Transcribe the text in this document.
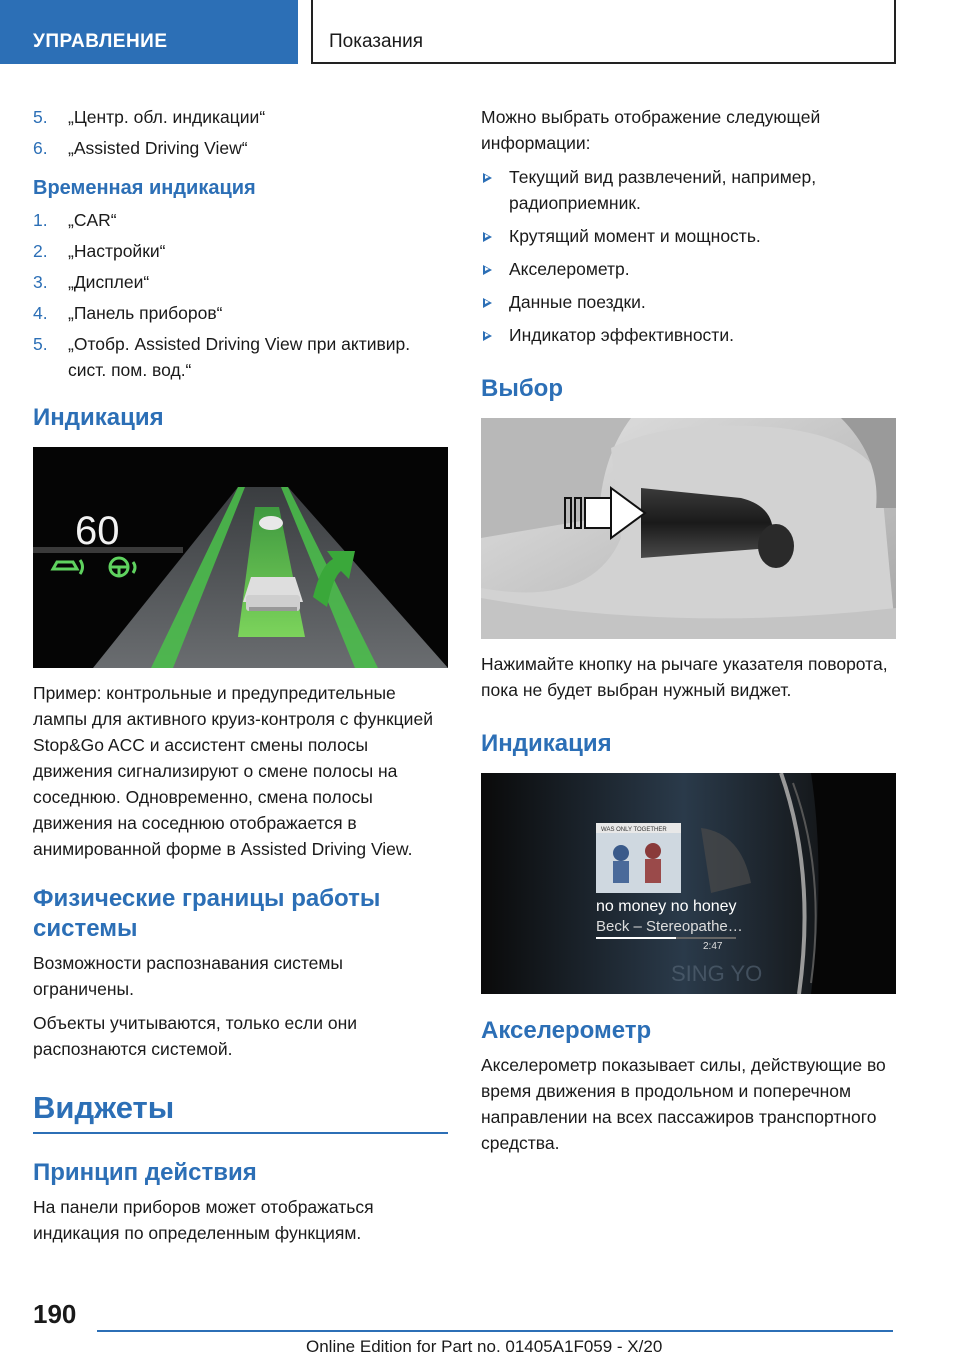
УПРАВЛЕНИЕ	Показания
5. „Центр. обл. индикации“
6. „Assisted Driving View“
Временная индикация
1. „CAR“
2. „Настройки“
3. „Дисплеи“
4. „Панель приборов“
5. „Отобр. Assisted Driving View при активир. сист. пом. вод.“
Индикация
60

Пример: контрольные и предупредительные лампы для активного круиз-контроля с функцией Stop&Go ACC и ассистент смены полосы движения сигнализируют о смене полосы на соседнюю. Одновременно, смена полосы движения на соседнюю отображается в анимированной форме в Assisted Driving View.

Физические границы работы системы

Возможности распознавания системы ограничены.

Объекты учитываются, только если они распознаются системой.

Виджеты
Принцип действия

На панели приборов может отображаться индикация по определенным функциям.

Можно выбрать отображение следующей информации:

Текущий вид развлечений, например, радиоприемник.
Крутящий момент и мощность.
Акселерометр.
Данные поездки.
Индикатор эффективности.
Выбор

Нажимайте кнопку на рычаге указателя поворота, пока не будет выбран нужный виджет.

Индикация
WAS ONLY TOGETHER
no money no honey
Beck – Stereopathe…
2:47
SING YO
Акселерометр

Акселерометр показывает силы, действующие во время движения в продольном и поперечном направлении на всех пассажиров транспортного средства.

190
Online Edition for Part no. 01405A1F059 - X/20
